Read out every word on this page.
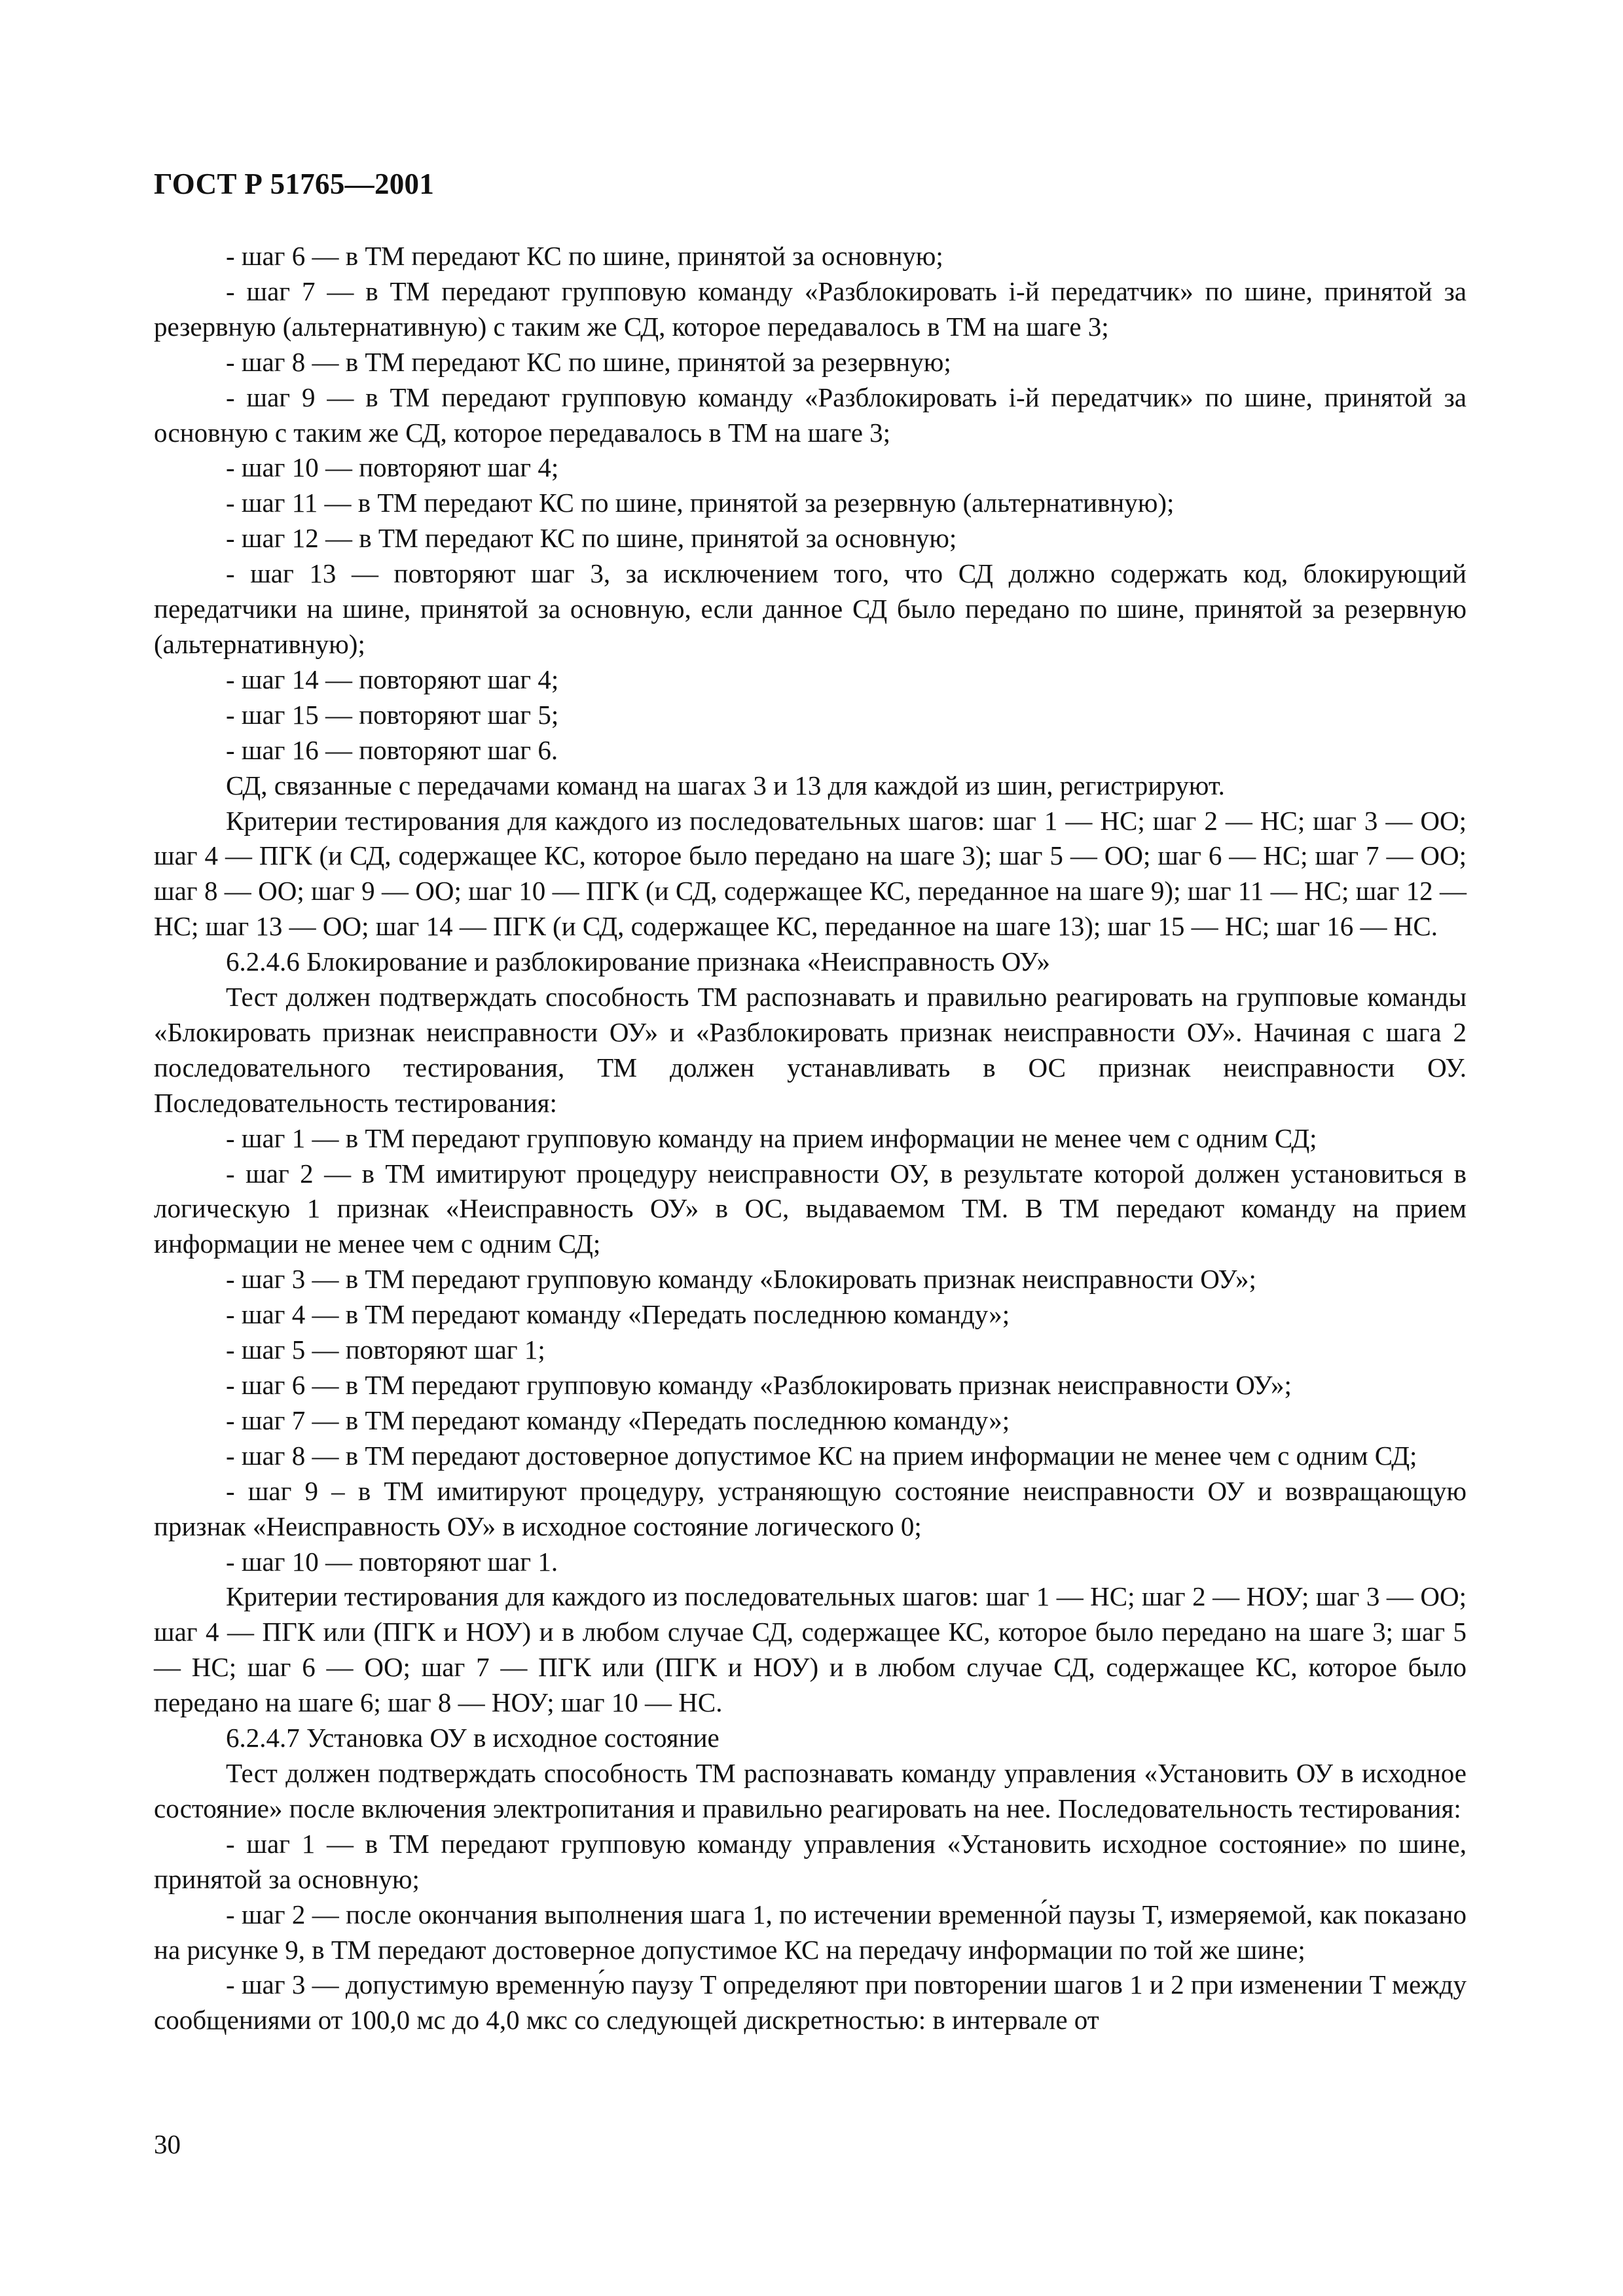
ГОСТ Р 51765—2001
- шаг 6 — в ТМ передают КС по шине, принятой за основную;
- шаг 7 — в ТМ передают групповую команду «Разблокировать i-й передатчик» по шине, принятой за резервную (альтернативную) с таким же СД, которое передавалось в ТМ на шаге 3;
- шаг 8 — в ТМ передают КС по шине, принятой за резервную;
- шаг 9 — в ТМ передают групповую команду «Разблокировать i-й передатчик» по шине, принятой за основную с таким же СД, которое передавалось в ТМ на шаге 3;
- шаг 10 — повторяют шаг 4;
- шаг 11 — в ТМ передают КС по шине, принятой за резервную (альтернативную);
- шаг 12 — в ТМ передают КС по шине, принятой за основную;
- шаг 13 — повторяют шаг 3, за исключением того, что СД должно содержать код, блокирующий передатчики на шине, принятой за основную, если данное СД было передано по шине, принятой за резервную (альтернативную);
- шаг 14 — повторяют шаг 4;
- шаг 15 — повторяют шаг 5;
- шаг 16 — повторяют шаг 6.
СД, связанные с передачами команд на шагах 3 и 13 для каждой из шин, регистрируют.
Критерии тестирования для каждого из последовательных шагов: шаг 1 — НС; шаг 2 — НС; шаг 3 — ОО; шаг 4 — ПГК (и СД, содержащее КС, которое было передано на шаге 3); шаг 5 — ОО; шаг 6 — НС; шаг 7 — ОО; шаг 8 — ОО; шаг 9 — ОО; шаг 10 — ПГК (и СД, содержащее КС, переданное на шаге 9); шаг 11 — НС; шаг 12 — НС; шаг 13 — ОО; шаг 14 — ПГК (и СД, содержащее КС, переданное на шаге 13); шаг 15 — НС; шаг 16 — НС.
6.2.4.6 Блокирование и разблокирование признака «Неисправность ОУ»
Тест должен подтверждать способность ТМ распознавать и правильно реагировать на групповые команды «Блокировать признак неисправности ОУ» и «Разблокировать признак неисправности ОУ». Начиная с шага 2 последовательного тестирования, ТМ должен устанавливать в ОС признак неисправности ОУ. Последовательность тестирования:
- шаг 1 — в ТМ передают групповую команду на прием информации не менее чем с одним СД;
- шаг 2 — в ТМ имитируют процедуру неисправности ОУ, в результате которой должен установиться в логическую 1 признак «Неисправность ОУ» в ОС, выдаваемом ТМ. В ТМ передают команду на прием информации не менее чем с одним СД;
- шаг 3 — в ТМ передают групповую команду «Блокировать признак неисправности ОУ»;
- шаг 4 — в ТМ передают команду «Передать последнюю команду»;
- шаг 5 — повторяют шаг 1;
- шаг 6 — в ТМ передают групповую команду «Разблокировать признак неисправности ОУ»;
- шаг 7 — в ТМ передают команду «Передать последнюю команду»;
- шаг 8 — в ТМ передают достоверное допустимое КС на прием информации не менее чем с одним СД;
- шаг 9 – в ТМ имитируют процедуру, устраняющую состояние неисправности ОУ и возвращающую признак «Неисправность ОУ» в исходное состояние логического 0;
- шаг 10 — повторяют шаг 1.
Критерии тестирования для каждого из последовательных шагов: шаг 1 — НС; шаг 2 — НОУ; шаг 3 — ОО; шаг 4 — ПГК или (ПГК и НОУ) и в любом случае СД, содержащее КС, которое было передано на шаге 3; шаг 5 — НС; шаг 6 — ОО; шаг 7 — ПГК или (ПГК и НОУ) и в любом случае СД, содержащее КС, которое было передано на шаге 6; шаг 8 — НОУ; шаг 10 — НС.
6.2.4.7 Установка ОУ в исходное состояние
Тест должен подтверждать способность ТМ распознавать команду управления «Установить ОУ в исходное состояние» после включения электропитания и правильно реагировать на нее. Последовательность тестирования:
- шаг 1 — в ТМ передают групповую команду управления «Установить исходное состояние» по шине, принятой за основную;
- шаг 2 — после окончания выполнения шага 1, по истечении временно́й паузы T, измеряемой, как показано на рисунке 9, в ТМ передают достоверное допустимое КС на передачу информации по той же шине;
- шаг 3 — допустимую временну́ю паузу T определяют при повторении шагов 1 и 2 при изменении T между сообщениями от 100,0 мс до 4,0 мкс со следующей дискретностью: в интервале от
30
